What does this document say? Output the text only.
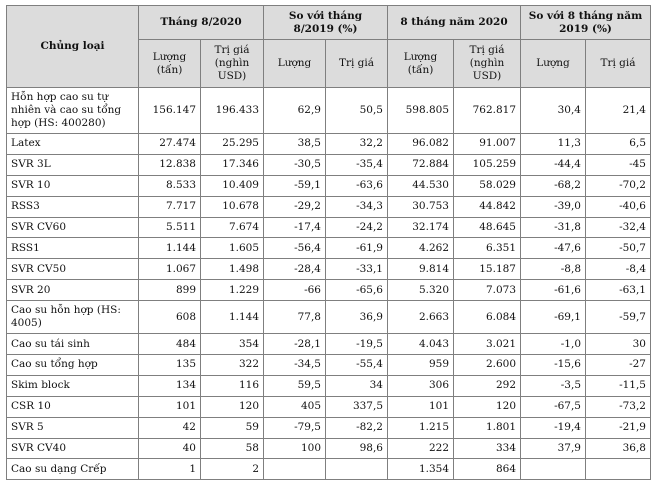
Chủng loại	Tháng 8/2020		So với tháng 8/2019 (%)		8 tháng năm 2020		So với 8 tháng năm 2019 (%)	
	Lượng (tấn)	Trị giá (nghìn USD)	Lượng	Trị giá	Lượng (tấn)	Trị giá (nghìn USD)	Lượng	Trị giá
Hỗn hợp cao su tự nhiên và cao su tổng hợp (HS: 400280)	156.147	196.433	62,9	50,5	598.805	762.817	30,4	21,4
Latex	27.474	25.295	38,5	32,2	96.082	91.007	11,3	6,5
SVR 3L	12.838	17.346	-30,5	-35,4	72.884	105.259	-44,4	-45
SVR 10	8.533	10.409	-59,1	-63,6	44.530	58.029	-68,2	-70,2
RSS3	7.717	10.678	-29,2	-34,3	30.753	44.842	-39,0	-40,6
SVR CV60	5.511	7.674	-17,4	-24,2	32.174	48.645	-31,8	-32,4
RSS1	1.144	1.605	-56,4	-61,9	4.262	6.351	-47,6	-50,7
SVR CV50	1.067	1.498	-28,4	-33,1	9.814	15.187	-8,8	-8,4
SVR 20	899	1.229	-66	-65,6	5.320	7.073	-61,6	-63,1
Cao su hỗn hợp (HS: 4005)	608	1.144	77,8	36,9	2.663	6.084	-69,1	-59,7
Cao su tái sinh	484	354	-28,1	-19,5	4.043	3.021	-1,0	30
Cao su tổng hợp	135	322	-34,5	-55,4	959	2.600	-15,6	-27
Skim block	134	116	59,5	34	306	292	-3,5	-11,5
CSR 10	101	120	405	337,5	101	120	-67,5	-73,2
SVR 5	42	59	-79,5	-82,2	1.215	1.801	-19,4	-21,9
SVR CV40	40	58	100	98,6	222	334	37,9	36,8
Cao su dạng Crếp	1	2			1.354	864		
